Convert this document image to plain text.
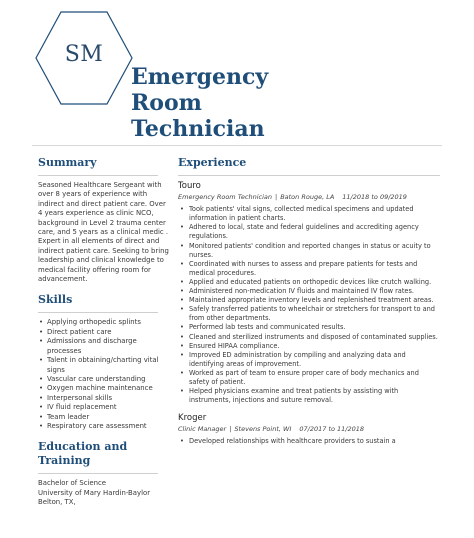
SM
Emergency
Room
Technician
Summary
Seasoned Healthcare Sergeant with over 8 years of experience with indirect and direct patient care. Over 4 years experience as clinic NCO, background in Level 2 trauma center care, and 5 years as a clinical medic . Expert in all elements of direct and indirect patient care. Seeking to bring leadership and clinical knowledge to medical facility offering room for advancement.
Skills
• Applying orthopedic splints
• Direct patient care
• Admissions and discharge processes
• Talent in obtaining/charting vital signs
• Vascular care understanding
• Oxygen machine maintenance
• Interpersonal skills
• IV fluid replacement
• Team leader
• Respiratory care assessment
Education and Training
Bachelor of Science
University of Mary Hardin-Baylor
Belton, TX,
Experience
Touro
Emergency Room Technician | Baton Rouge, LA 11/2018 to 09/2019
• Took patients' vital signs, collected medical specimens and updated information in patient charts.
• Adhered to local, state and federal guidelines and accrediting agency regulations.
• Monitored patients' condition and reported changes in status or acuity to nurses.
• Coordinated with nurses to assess and prepare patients for tests and medical procedures.
• Applied and educated patients on orthopedic devices like crutch walking.
• Administered non-medication IV fluids and maintained IV flow rates.
• Maintained appropriate inventory levels and replenished treatment areas.
• Safely transferred patients to wheelchair or stretchers for transport to and from other departments.
• Performed lab tests and communicated results.
• Cleaned and sterilized instruments and disposed of contaminated supplies.
• Ensured HIPAA compliance.
• Improved ED administration by compiling and analyzing data and identifying areas of improvement.
• Worked as part of team to ensure proper care of body mechanics and safety of patient.
• Helped physicians examine and treat patients by assisting with instruments, injections and suture removal.
Kroger
Clinic Manager | Stevens Point, WI 07/2017 to 11/2018
• Developed relationships with healthcare providers to sustain a
